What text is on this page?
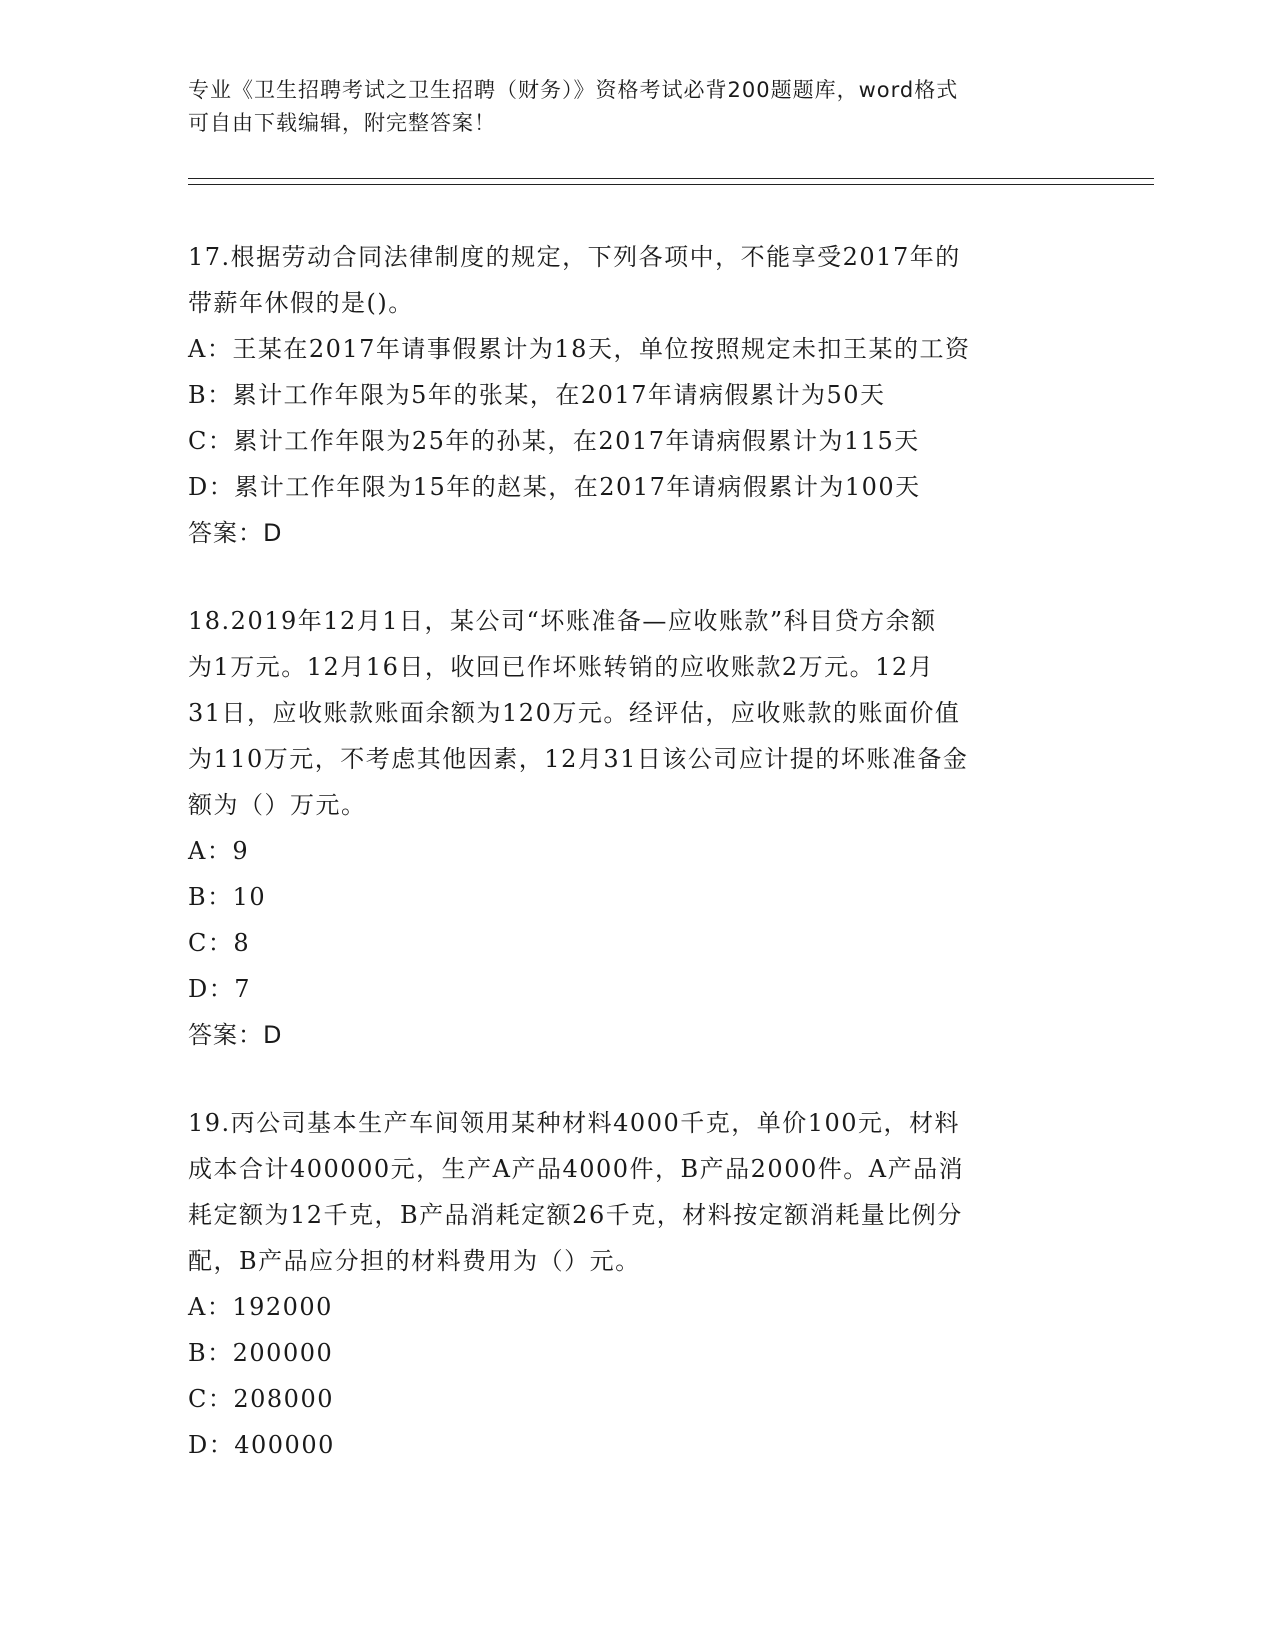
专业《卫生招聘考试之卫生招聘（财务）》资格考试必背200题题库，word格式
可自由下载编辑，附完整答案！
17.根据劳动合同法律制度的规定，下列各项中，不能享受2017年的
带薪年休假的是()。
A：王某在2017年请事假累计为18天，单位按照规定未扣王某的工资
B：累计工作年限为5年的张某，在2017年请病假累计为50天
C：累计工作年限为25年的孙某，在2017年请病假累计为115天
D：累计工作年限为15年的赵某，在2017年请病假累计为100天
答案：D
18.2019年12月1日，某公司“坏账准备—应收账款”科目贷方余额
为1万元。12月16日，收回已作坏账转销的应收账款2万元。12月
31日，应收账款账面余额为120万元。经评估，应收账款的账面价值
为110万元，不考虑其他因素，12月31日该公司应计提的坏账准备金
额为（）万元。
A：9
B：10
C：8
D：7
答案：D
19.丙公司基本生产车间领用某种材料4000千克，单价100元，材料
成本合计400000元，生产A产品4000件，B产品2000件。A产品消
耗定额为12千克，B产品消耗定额26千克，材料按定额消耗量比例分
配，B产品应分担的材料费用为（）元。
A：192000
B：200000
C：208000
D：400000
